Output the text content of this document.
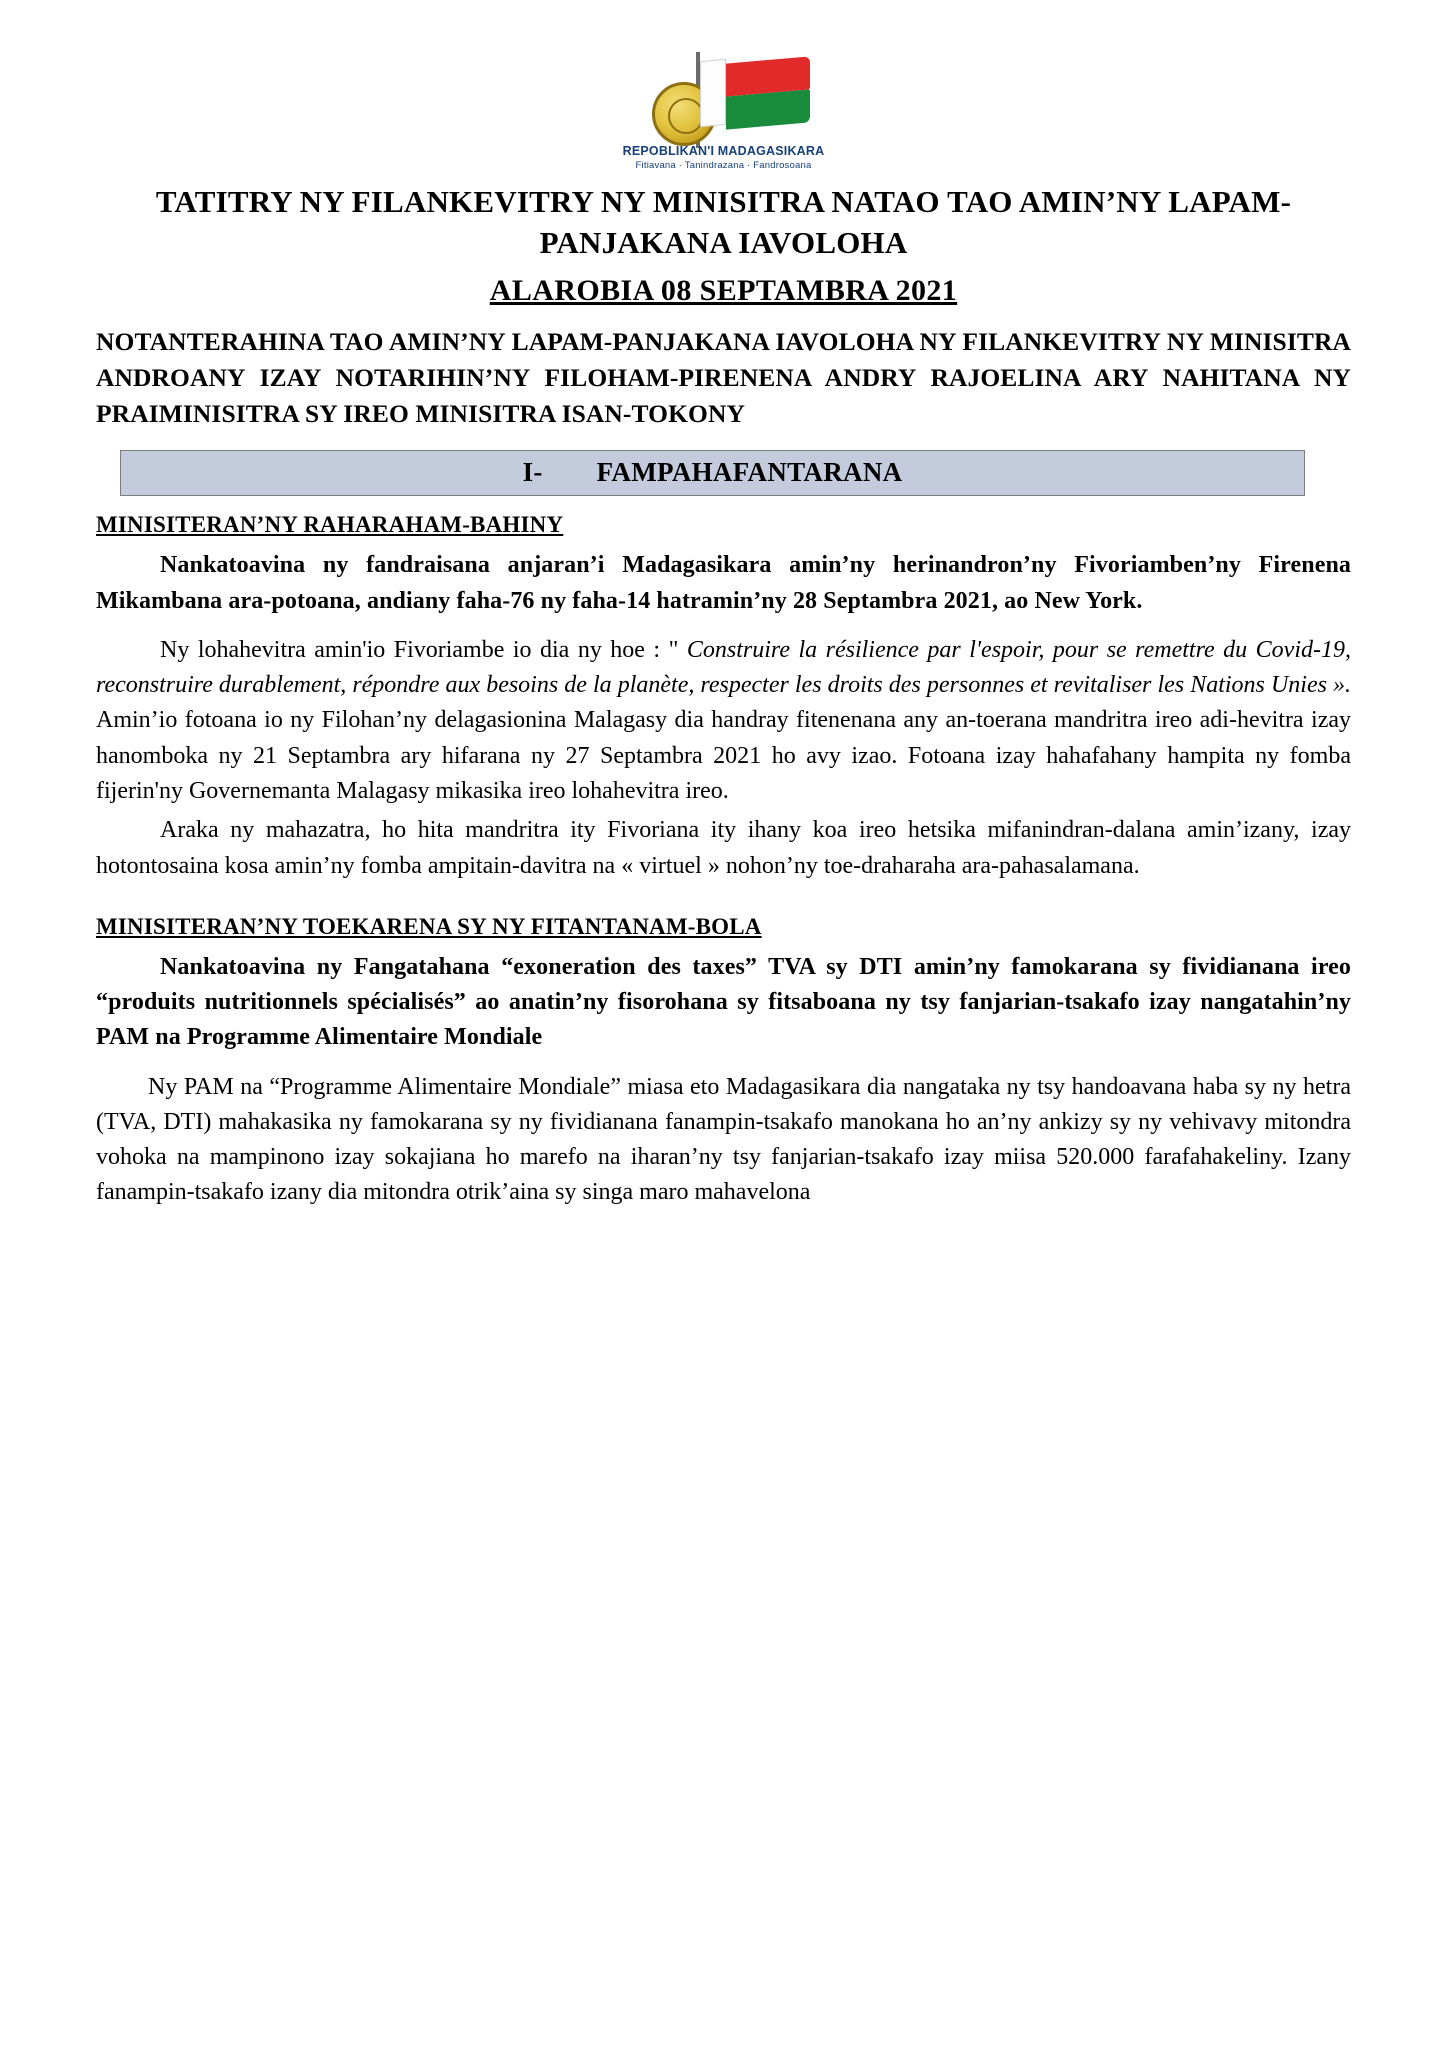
REPOBLIKAN'I MADAGASIKARA
Fitiavana · Tanindrazana · Fandrosoana
TATITRY NY FILANKEVITRY NY MINISITRA NATAO TAO AMIN’NY LAPAM-PANJAKANA IAVOLOHA
ALAROBIA 08 SEPTAMBRA 2021

NOTANTERAHINA TAO AMIN’NY LAPAM-PANJAKANA IAVOLOHA NY FILANKEVITRY NY MINISITRA ANDROANY IZAY NOTARIHIN’NY FILOHAM-PIRENENA ANDRY RAJOELINA ARY NAHITANA NY PRAIMINISITRA SY IREO MINISITRA ISAN-TOKONY

I- FAMPAHAFANTARANA
MINISITERAN’NY RAHARAHAM-BAHINY

Nankatoavina ny fandraisana anjaran’i Madagasikara amin’ny herinandron’ny Fivoriamben’ny Firenena Mikambana ara-potoana, andiany faha-76 ny faha-14 hatramin’ny 28 Septambra 2021, ao New York.

Ny lohahevitra amin'io Fivoriambe io dia ny hoe : " Construire la résilience par l'espoir, pour se remettre du Covid-19, reconstruire durablement, répondre aux besoins de la planète, respecter les droits des personnes et revitaliser les Nations Unies ». Amin’io fotoana io ny Filohan’ny delagasionina Malagasy dia handray fitenenana any an-toerana mandritra ireo adi-hevitra izay hanomboka ny 21 Septambra ary hifarana ny 27 Septambra 2021 ho avy izao. Fotoana izay hahafahany hampita ny fomba fijerin'ny Governemanta Malagasy mikasika ireo lohahevitra ireo.

Araka ny mahazatra, ho hita mandritra ity Fivoriana ity ihany koa ireo hetsika mifanindran-dalana amin’izany, izay hotontosaina kosa amin’ny fomba ampitain-davitra na « virtuel » nohon’ny toe-draharaha ara-pahasalamana.

MINISITERAN’NY TOEKARENA SY NY FITANTANAM-BOLA

Nankatoavina ny Fangatahana “exoneration des taxes” TVA sy DTI amin’ny famokarana sy fividianana ireo “produits nutritionnels spécialisés” ao anatin’ny fisorohana sy fitsaboana ny tsy fanjarian-tsakafo izay nangatahin’ny PAM na Programme Alimentaire Mondiale

Ny PAM na “Programme Alimentaire Mondiale” miasa eto Madagasikara dia nangataka ny tsy handoavana haba sy ny hetra (TVA, DTI) mahakasika ny famokarana sy ny fividianana fanampin-tsakafo manokana ho an’ny ankizy sy ny vehivavy mitondra vohoka na mampinono izay sokajiana ho marefo na iharan’ny tsy fanjarian-tsakafo izay miisa 520.000 farafahakeliny. Izany fanampin-tsakafo izany dia mitondra otrik’aina sy singa maro mahavelona
